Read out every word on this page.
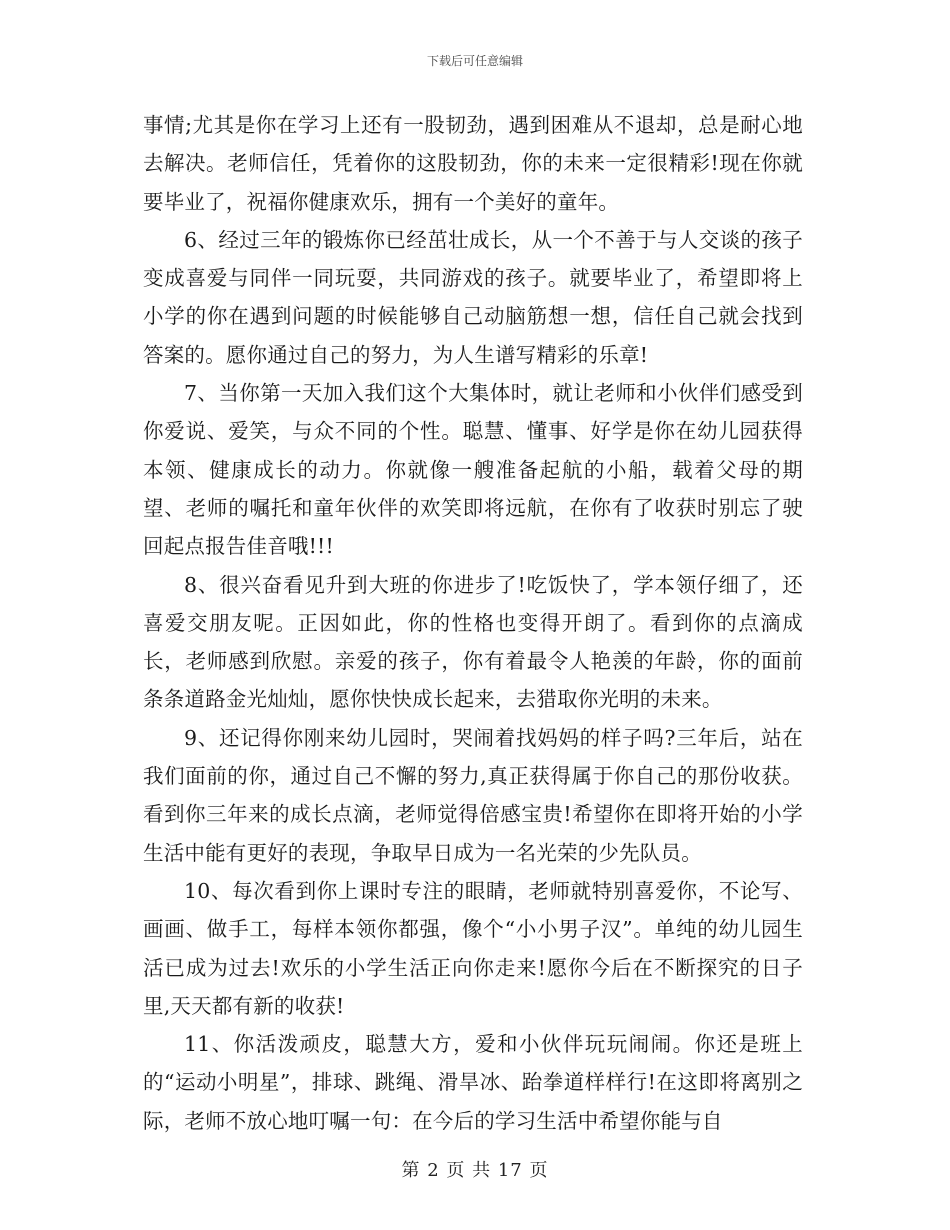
下载后可任意编辑

事情;尤其是你在学习上还有一股韧劲，遇到困难从不退却，总是耐心地去解决。老师信任，凭着你的这股韧劲，你的未来一定很精彩!现在你就要毕业了，祝福你健康欢乐，拥有一个美好的童年。

6、经过三年的锻炼你已经茁壮成长，从一个不善于与人交谈的孩子变成喜爱与同伴一同玩耍，共同游戏的孩子。就要毕业了，希望即将上小学的你在遇到问题的时候能够自己动脑筋想一想，信任自己就会找到答案的。愿你通过自己的努力，为人生谱写精彩的乐章!

7、当你第一天加入我们这个大集体时，就让老师和小伙伴们感受到你爱说、爱笑，与众不同的个性。聪慧、懂事、好学是你在幼儿园获得本领、健康成长的动力。你就像一艘准备起航的小船，载着父母的期望、老师的嘱托和童年伙伴的欢笑即将远航，在你有了收获时别忘了驶回起点报告佳音哦!!!

8、很兴奋看见升到大班的你进步了!吃饭快了，学本领仔细了，还喜爱交朋友呢。正因如此，你的性格也变得开朗了。看到你的点滴成长，老师感到欣慰。亲爱的孩子，你有着最令人艳羡的年龄，你的面前条条道路金光灿灿，愿你快快成长起来，去猎取你光明的未来。

9、还记得你刚来幼儿园时，哭闹着找妈妈的样子吗?三年后，站在我们面前的你，通过自己不懈的努力,真正获得属于你自己的那份收获。看到你三年来的成长点滴，老师觉得倍感宝贵!希望你在即将开始的小学生活中能有更好的表现，争取早日成为一名光荣的少先队员。

10、每次看到你上课时专注的眼睛，老师就特别喜爱你，不论写、画画、做手工，每样本领你都强，像个“小小男子汉”。单纯的幼儿园生活已成为过去!欢乐的小学生活正向你走来!愿你今后在不断探究的日子里,天天都有新的收获!

11、你活泼顽皮，聪慧大方，爱和小伙伴玩玩闹闹。你还是班上的“运动小明星”，排球、跳绳、滑旱冰、跆拳道样样行!在这即将离别之际，老师不放心地叮嘱一句：在今后的学习生活中希望你能与自

第 2 页 共 17 页
